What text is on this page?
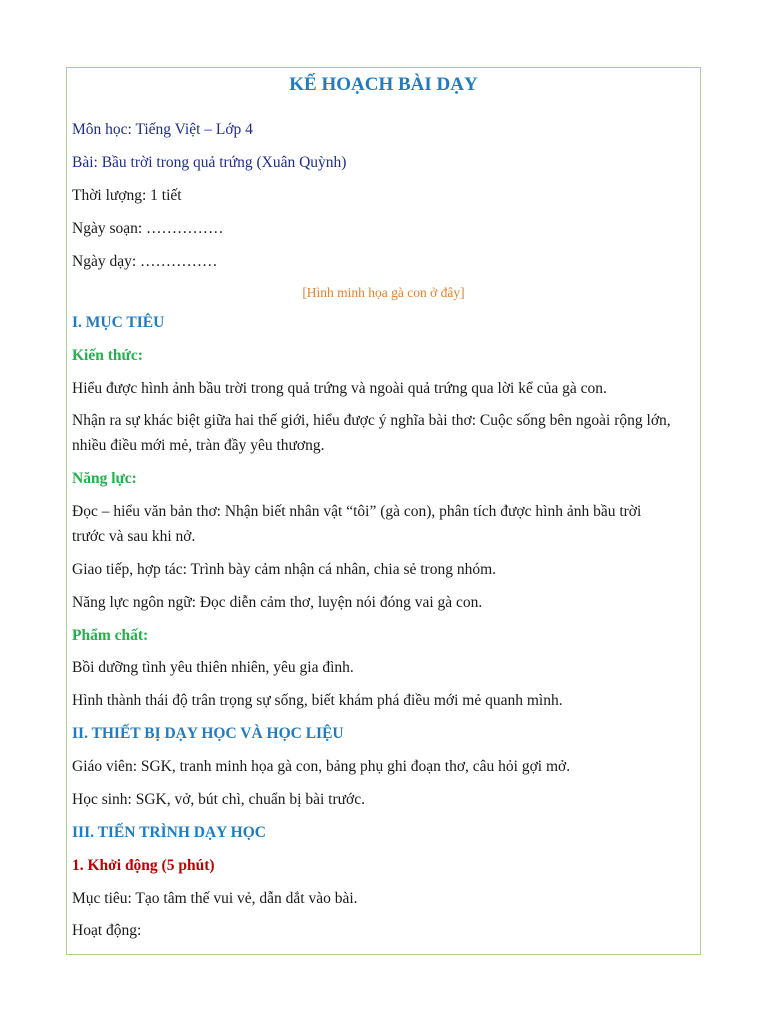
KẾ HOẠCH BÀI DẠY
Môn học: Tiếng Việt – Lớp 4
Bài: Bầu trời trong quả trứng (Xuân Quỳnh)
Thời lượng: 1 tiết
Ngày soạn: ……………
Ngày dạy: ……………
[Hình minh họa gà con ở đây]
I. MỤC TIÊU
Kiến thức:
Hiểu được hình ảnh bầu trời trong quả trứng và ngoài quả trứng qua lời kể của gà con.
Nhận ra sự khác biệt giữa hai thế giới, hiểu được ý nghĩa bài thơ: Cuộc sống bên ngoài rộng lớn, nhiều điều mới mẻ, tràn đầy yêu thương.
Năng lực:
Đọc – hiểu văn bản thơ: Nhận biết nhân vật “tôi” (gà con), phân tích được hình ảnh bầu trời trước và sau khi nở.
Giao tiếp, hợp tác: Trình bày cảm nhận cá nhân, chia sẻ trong nhóm.
Năng lực ngôn ngữ: Đọc diễn cảm thơ, luyện nói đóng vai gà con.
Phẩm chất:
Bồi dưỡng tình yêu thiên nhiên, yêu gia đình.
Hình thành thái độ trân trọng sự sống, biết khám phá điều mới mẻ quanh mình.
II. THIẾT BỊ DẠY HỌC VÀ HỌC LIỆU
Giáo viên: SGK, tranh minh họa gà con, bảng phụ ghi đoạn thơ, câu hỏi gợi mở.
Học sinh: SGK, vở, bút chì, chuẩn bị bài trước.
III. TIẾN TRÌNH DẠY HỌC
1. Khởi động (5 phút)
Mục tiêu: Tạo tâm thế vui vẻ, dẫn dắt vào bài.
Hoạt động:
